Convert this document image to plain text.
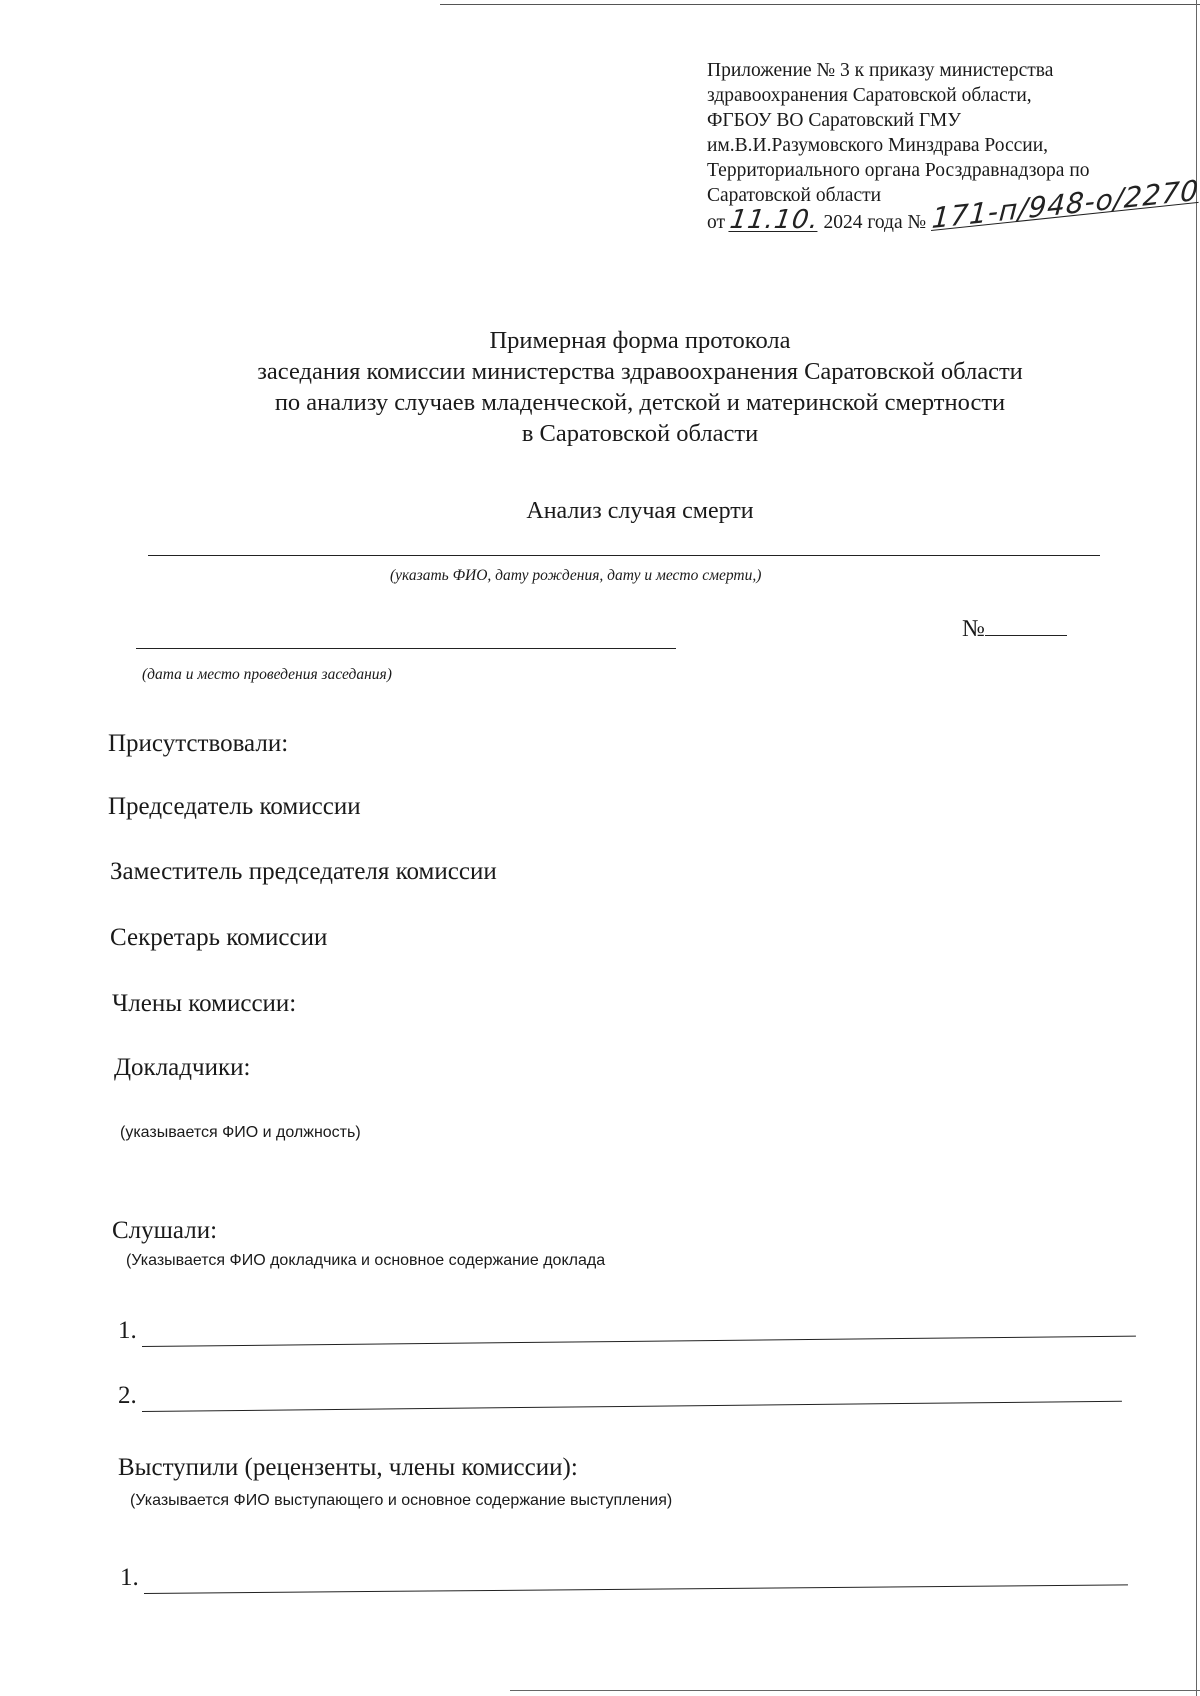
Приложение № 3 к приказу министерства
здравоохранения Саратовской области,
ФГБОУ ВО Саратовский ГМУ
им.В.И.Разумовского Минздрава России,
Территориального органа Росздравнадзора по
Саратовской области
от 11.10. 2024 года № 171-п/948-о/2270
Примерная форма протокола
заседания комиссии министерства здравоохранения Саратовской области
по анализу случаев младенческой, детской и материнской смертности
в Саратовской области
Анализ случая смерти
(указать ФИО, дату рождения, дату и место смерти,)
№
(дата и место проведения заседания)
Присутствовали:
Председатель комиссии
Заместитель председателя комиссии
Секретарь комиссии
Члены комиссии:
Докладчики:
(указывается ФИО и должность)
Слушали:
(Указывается ФИО докладчика и основное содержание доклада
1.
2.
Выступили (рецензенты, члены комиссии):
(Указывается ФИО выступающего и основное содержание выступления)
1.
